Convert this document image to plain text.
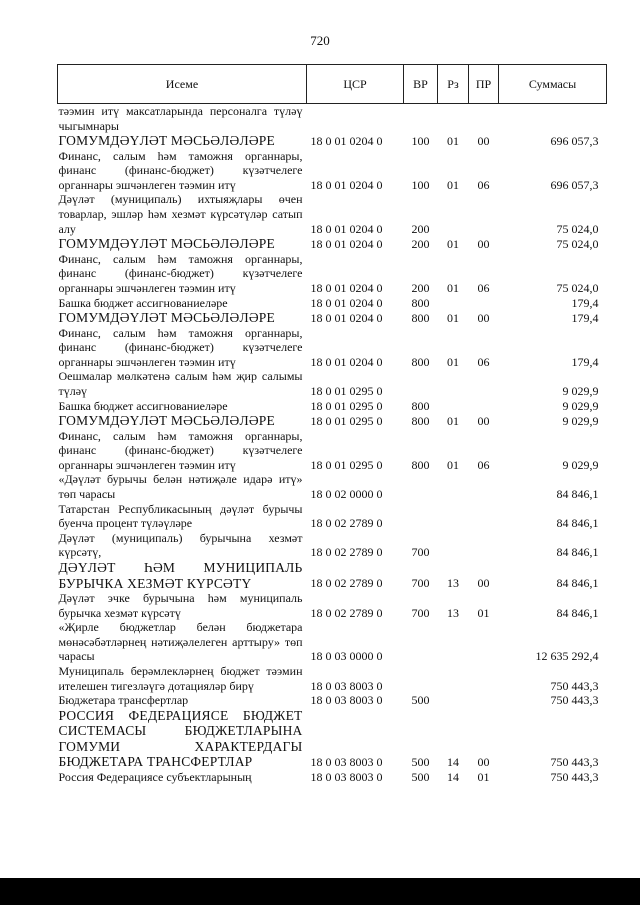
720
Исеме	ЦСР	ВР	Рз	ПР	Суммасы
тәэмин итү максатларында персоналга түләү чыгымнары					
ГОМУМДӘҮЛӘТ МӘСЬӘЛӘЛӘРЕ	18 0 01 0204 0	100	01	00	696 057,3
Финанс, салым һәм таможня органнары, финанс (финанс-бюджет) күзәтчелеге органнары эшчәнлеген тәэмин итү	18 0 01 0204 0	100	01	06	696 057,3
Дәүләт (муниципаль) ихтыяҗлары өчен товарлар, эшләр һәм хезмәт күрсәтүләр сатып алу	18 0 01 0204 0	200			75 024,0
ГОМУМДӘҮЛӘТ МӘСЬӘЛӘЛӘРЕ	18 0 01 0204 0	200	01	00	75 024,0
Финанс, салым һәм таможня органнары, финанс (финанс-бюджет) күзәтчелеге органнары эшчәнлеген тәэмин итү	18 0 01 0204 0	200	01	06	75 024,0
Башка бюджет ассигнованиеләре	18 0 01 0204 0	800			179,4
ГОМУМДӘҮЛӘТ МӘСЬӘЛӘЛӘРЕ	18 0 01 0204 0	800	01	00	179,4
Финанс, салым һәм таможня органнары, финанс (финанс-бюджет) күзәтчелеге органнары эшчәнлеген тәэмин итү	18 0 01 0204 0	800	01	06	179,4
Оешмалар мөлкәтенә салым һәм җир салымы түләү	18 0 01 0295 0				9 029,9
Башка бюджет ассигнованиеләре	18 0 01 0295 0	800			9 029,9
ГОМУМДӘҮЛӘТ МӘСЬӘЛӘЛӘРЕ	18 0 01 0295 0	800	01	00	9 029,9
Финанс, салым һәм таможня органнары, финанс (финанс-бюджет) күзәтчелеге органнары эшчәнлеген тәэмин итү	18 0 01 0295 0	800	01	06	9 029,9
«Дәүләт бурычы белән нәтиҗәле идарә итү» төп чарасы	18 0 02 0000 0				84 846,1
Татарстан Республикасының дәүләт бурычы буенча процент түләүләре	18 0 02 2789 0				84 846,1
Дәүләт (муниципаль) бурычына хезмәт күрсәтү,	18 0 02 2789 0	700			84 846,1
ДӘҮЛӘТ ҺӘМ МУНИЦИПАЛЬ БУРЫЧКА ХЕЗМӘТ КҮРСӘТҮ	18 0 02 2789 0	700	13	00	84 846,1
Дәүләт эчке бурычына һәм муниципаль бурычка хезмәт күрсәтү	18 0 02 2789 0	700	13	01	84 846,1
«Җирле бюджетлар белән бюджетара мөнәсәбәтләрнең нәтиҗәлелеген арттыру» төп чарасы	18 0 03 0000 0				12 635 292,4
Муниципаль берәмлекләрнең бюджет тәэмин ителешен тигезләүгә дотацияләр бирү	18 0 03 8003 0				750 443,3
Бюджетара трансфертлар	18 0 03 8003 0	500			750 443,3
РОССИЯ ФЕДЕРАЦИЯСЕ БЮДЖЕТ СИСТЕМАСЫ БЮДЖЕТЛАРЫНА ГОМУМИ ХАРАКТЕРДАГЫ БЮДЖЕТАРА ТРАНСФЕРТЛАР	18 0 03 8003 0	500	14	00	750 443,3
Россия Федерациясе субъектларының	18 0 03 8003 0	500	14	01	750 443,3
